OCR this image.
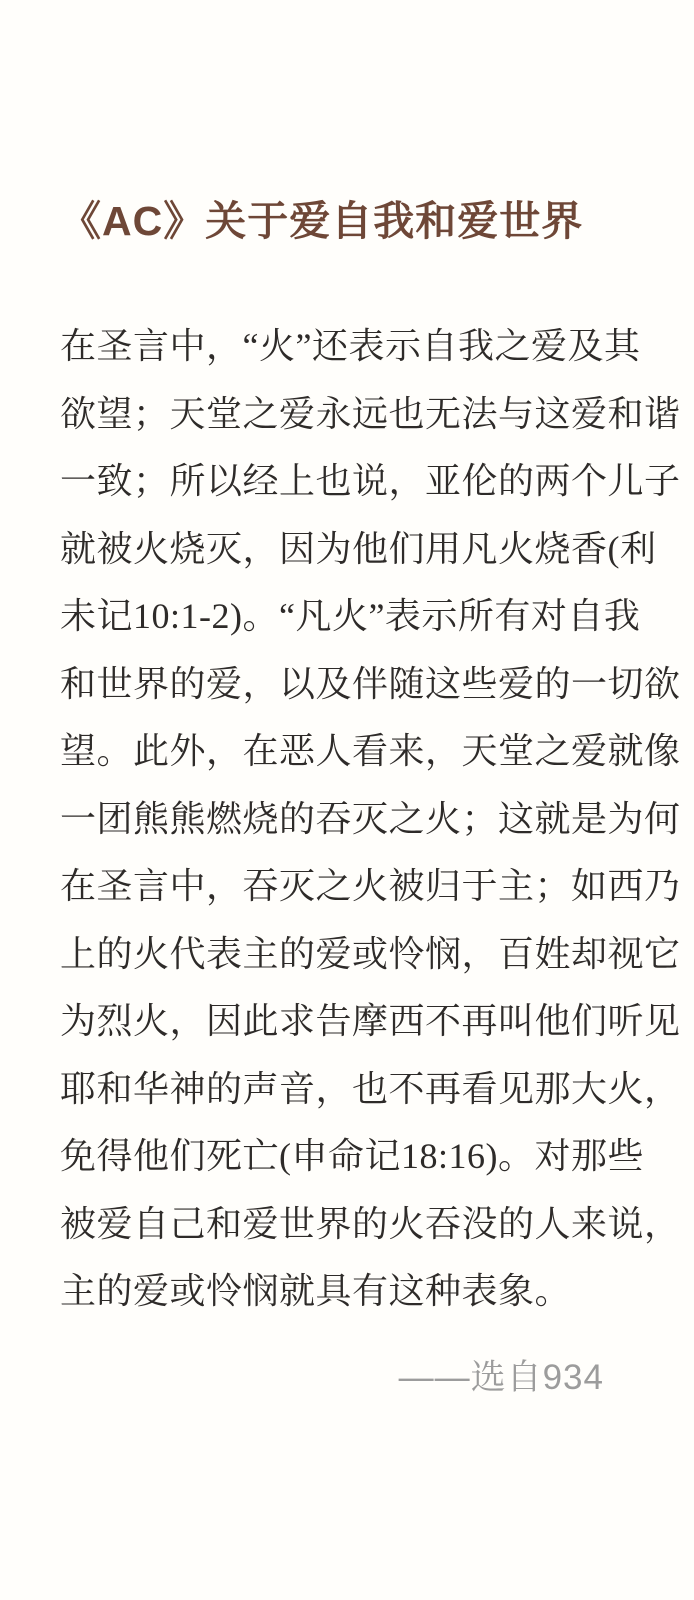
《AC》关于爱自我和爱世界
在圣言中，“火”还表示自我之爱及其
欲望；天堂之爱永远也无法与这爱和谐
一致；所以经上也说，亚伦的两个儿子
就被火烧灭，因为他们用凡火烧香(利
未记10:1-2)。“凡火”表示所有对自我
和世界的爱，以及伴随这些爱的一切欲
望。此外，在恶人看来，天堂之爱就像
一团熊熊燃烧的吞灭之火；这就是为何
在圣言中，吞灭之火被归于主；如西乃
上的火代表主的爱或怜悯，百姓却视它
为烈火，因此求告摩西不再叫他们听见
耶和华神的声音，也不再看见那大火，
免得他们死亡(申命记18:16)。对那些
被爱自己和爱世界的火吞没的人来说，
主的爱或怜悯就具有这种表象。
——选自934
